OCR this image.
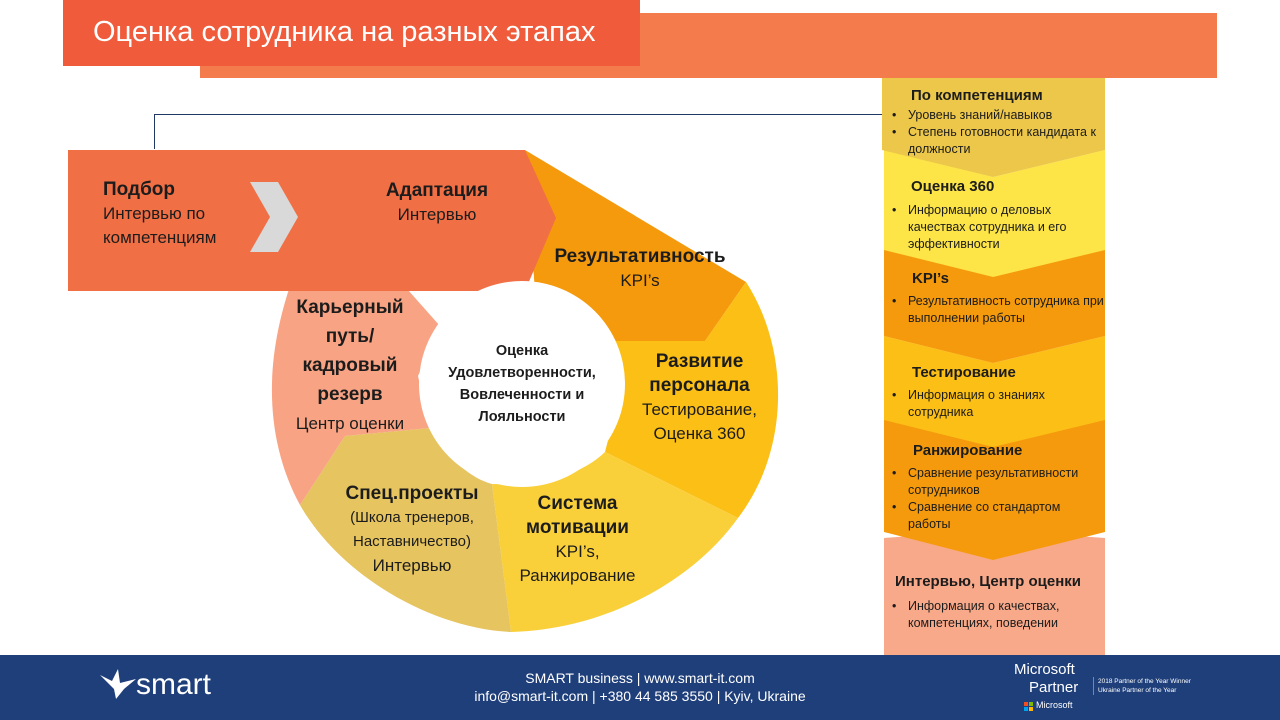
Оценка сотрудника на разных этапах
Подбор
Интервью по
компетенциям
Адаптация
Интервью
Результативность
KPI’s
Развитие
персонала
Тестирование,
Оценка 360
Система
мотивации
KPI’s,
Ранжирование
Спец.проекты
(Школа тренеров,
Наставничество)
Интервью
Карьерный
путь/
кадровый
резерв
Центр оценки
Оценка
Удовлетворенности,
Вовлеченности и
Лояльности
По компетенциям
• Уровень знаний/навыков
• Степень готовности кандидата к должности
Оценка 360
• Информацию о деловых качествах сотрудника и его эффективности
KPI’s
• Результативность сотрудника при выполнении работы
Тестирование
• Информация о знаниях сотрудника
Ранжирование
• Сравнение результативности сотрудников
• Сравнение со стандартом работы
Интервью, Центр оценки
• Информация о качествах, компетенциях, поведении
smart	SMART business | www.smart-it.com
info@smart-it.com | +380 44 585 3550 | Kyiv, Ukraine
Microsoft
Partner
Microsoft
2018 Partner of the Year Winner
Ukraine Partner of the Year
